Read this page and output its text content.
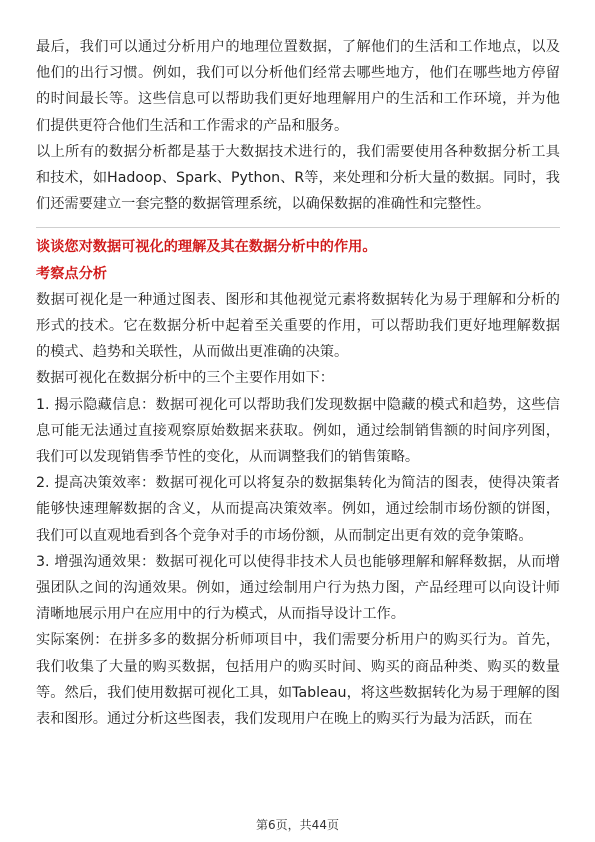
最后，我们可以通过分析用户的地理位置数据，了解他们的生活和工作地点，以及他们的出行习惯。例如，我们可以分析他们经常去哪些地方，他们在哪些地方停留的时间最长等。这些信息可以帮助我们更好地理解用户的生活和工作环境，并为他们提供更符合他们生活和工作需求的产品和服务。

以上所有的数据分析都是基于大数据技术进行的，我们需要使用各种数据分析工具和技术，如Hadoop、Spark、Python、R等，来处理和分析大量的数据。同时，我们还需要建立一套完整的数据管理系统，以确保数据的准确性和完整性。

谈谈您对数据可视化的理解及其在数据分析中的作用。

考察点分析

数据可视化是一种通过图表、图形和其他视觉元素将数据转化为易于理解和分析的形式的技术。它在数据分析中起着至关重要的作用，可以帮助我们更好地理解数据的模式、趋势和关联性，从而做出更准确的决策。

数据可视化在数据分析中的三个主要作用如下：

1. 揭示隐藏信息：数据可视化可以帮助我们发现数据中隐藏的模式和趋势，这些信息可能无法通过直接观察原始数据来获取。例如，通过绘制销售额的时间序列图，我们可以发现销售季节性的变化，从而调整我们的销售策略。

2. 提高决策效率：数据可视化可以将复杂的数据集转化为简洁的图表，使得决策者能够快速理解数据的含义，从而提高决策效率。例如，通过绘制市场份额的饼图，我们可以直观地看到各个竞争对手的市场份额，从而制定出更有效的竞争策略。

3. 增强沟通效果：数据可视化可以使得非技术人员也能够理解和解释数据，从而增强团队之间的沟通效果。例如，通过绘制用户行为热力图，产品经理可以向设计师清晰地展示用户在应用中的行为模式，从而指导设计工作。

实际案例：在拼多多的数据分析师项目中，我们需要分析用户的购买行为。首先，我们收集了大量的购买数据，包括用户的购买时间、购买的商品种类、购买的数量等。然后，我们使用数据可视化工具，如Tableau，将这些数据转化为易于理解的图表和图形。通过分析这些图表，我们发现用户在晚上的购买行为最为活跃，而在

第6页，共44页
